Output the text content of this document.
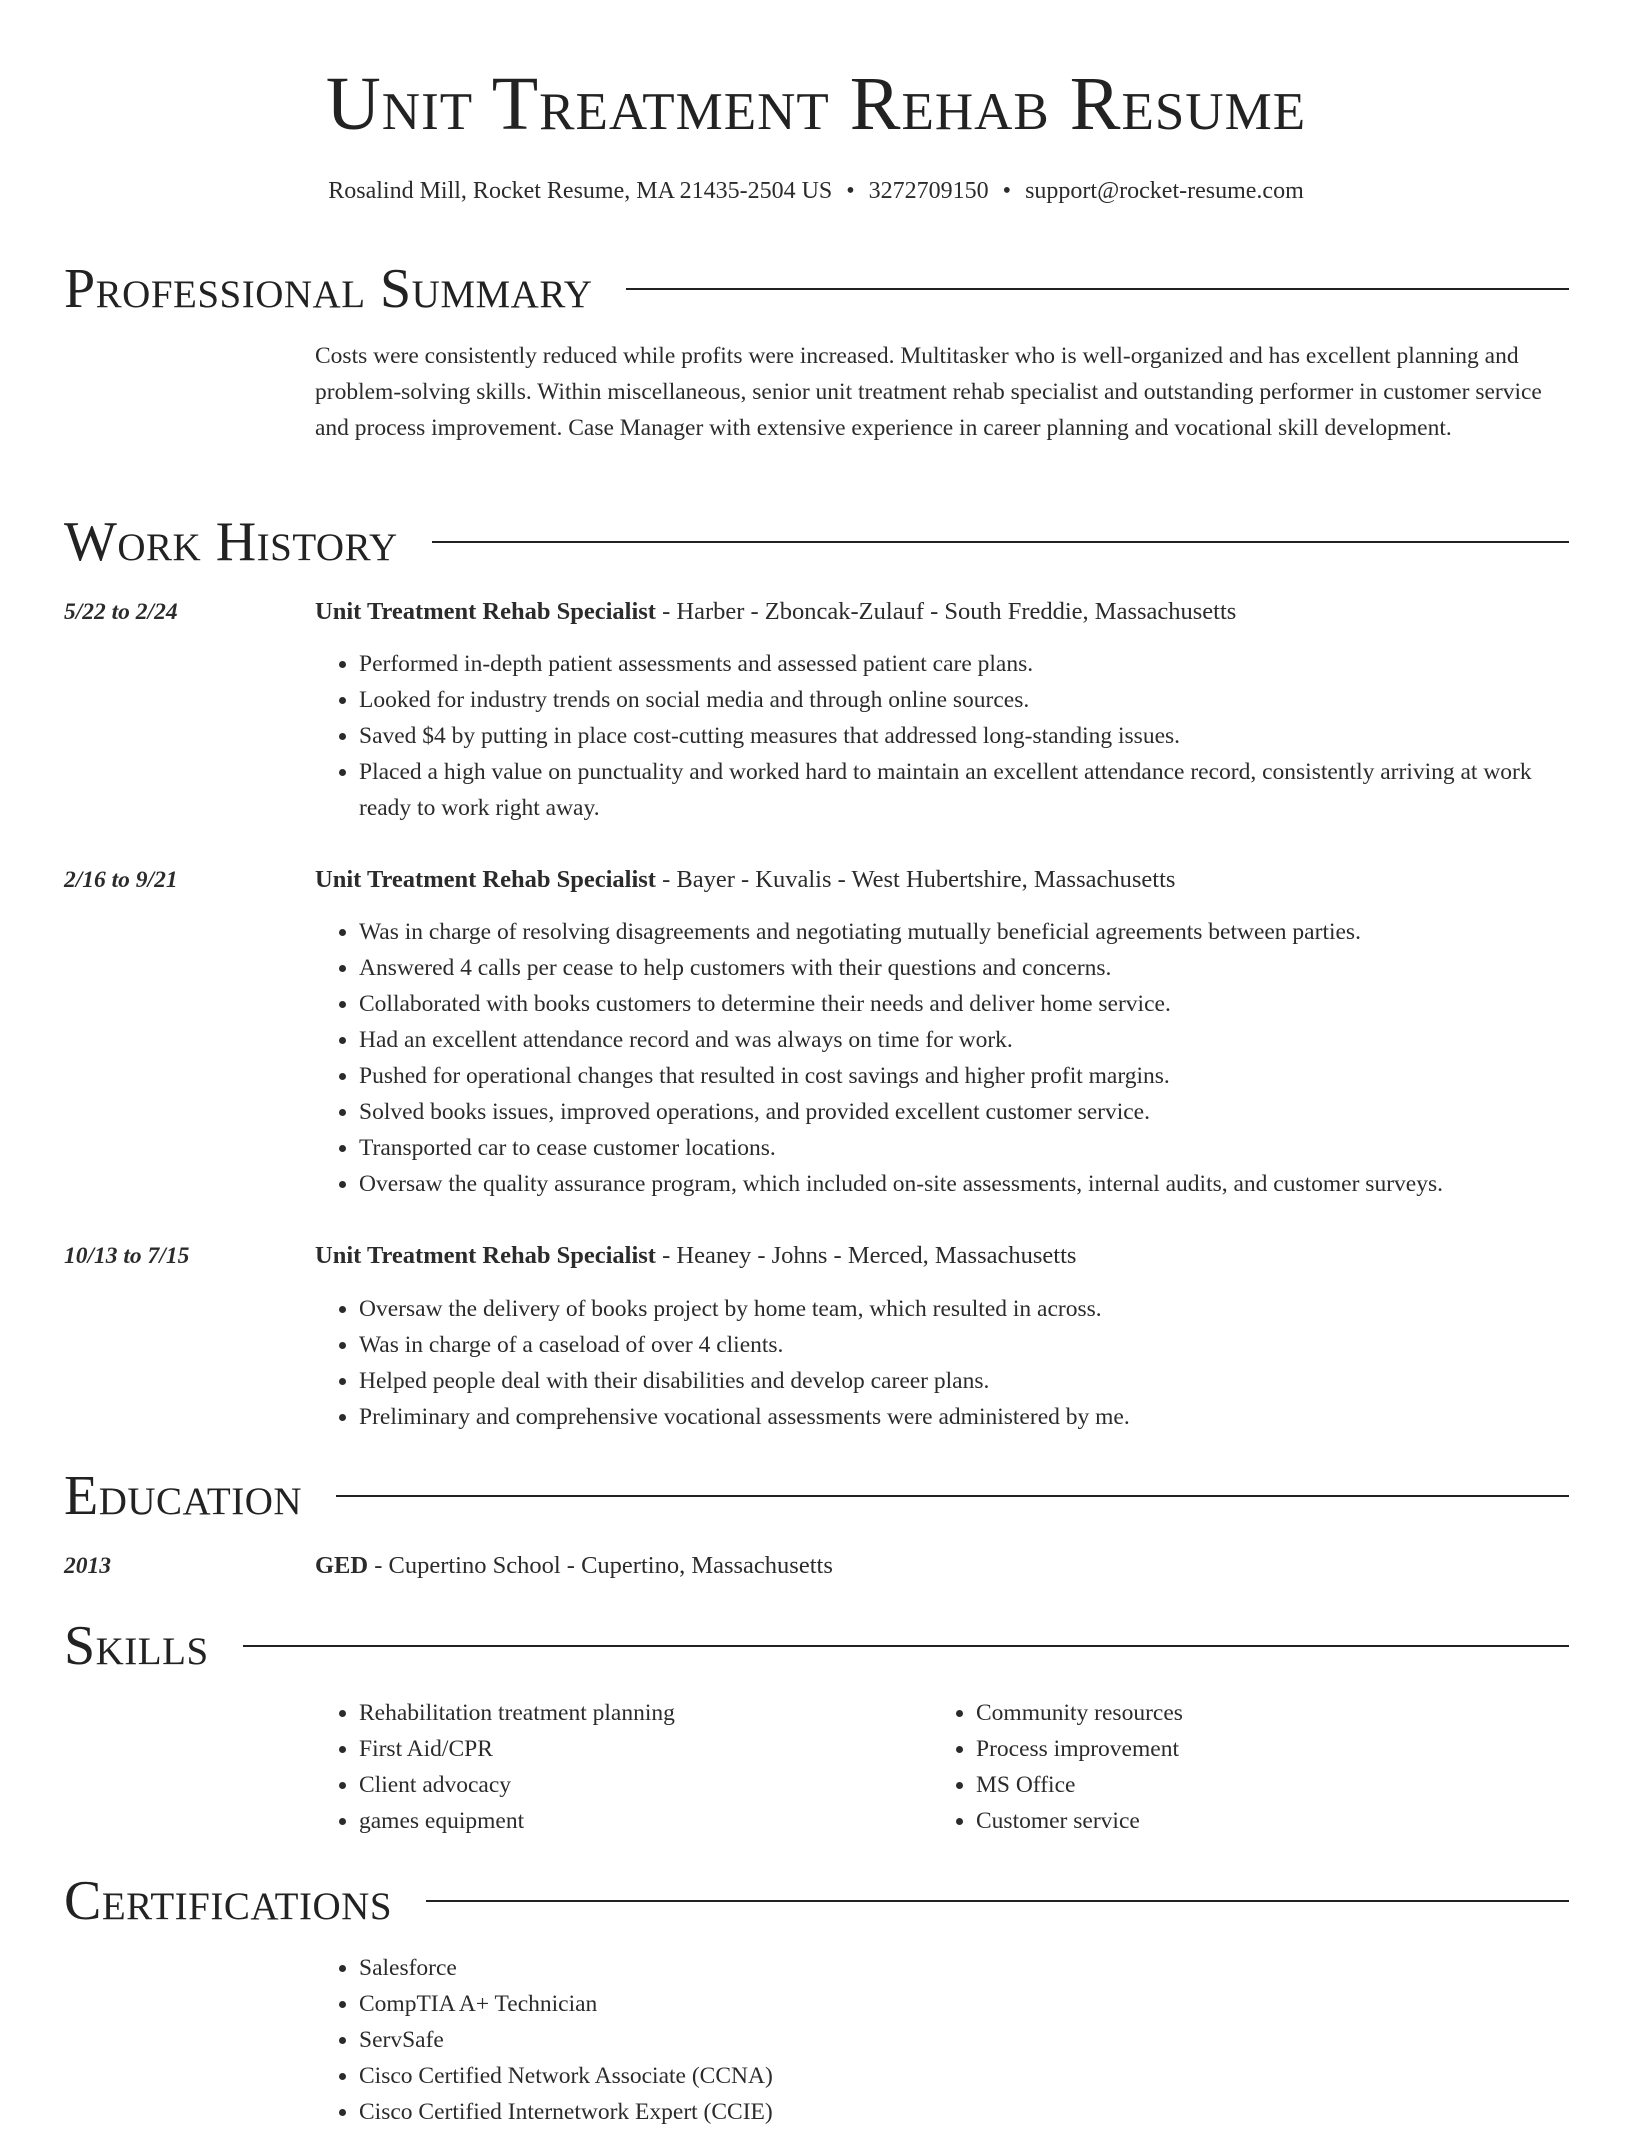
Unit Treatment Rehab Resume
Rosalind Mill, Rocket Resume, MA 21435-2504 US • 3272709150 • support@rocket-resume.com
Professional Summary
Costs were consistently reduced while profits were increased. Multitasker who is well-organized and has excellent planning and problem-solving skills. Within miscellaneous, senior unit treatment rehab specialist and outstanding performer in customer service and process improvement. Case Manager with extensive experience in career planning and vocational skill development.
Work History
5/22 to 2/24	Unit Treatment Rehab Specialist - Harber - Zboncak-Zulauf - South Freddie, Massachusetts
• Performed in-depth patient assessments and assessed patient care plans.
• Looked for industry trends on social media and through online sources.
• Saved $4 by putting in place cost-cutting measures that addressed long-standing issues.
• Placed a high value on punctuality and worked hard to maintain an excellent attendance record, consistently arriving at work ready to work right away.
2/16 to 9/21	Unit Treatment Rehab Specialist - Bayer - Kuvalis - West Hubertshire, Massachusetts
• Was in charge of resolving disagreements and negotiating mutually beneficial agreements between parties.
• Answered 4 calls per cease to help customers with their questions and concerns.
• Collaborated with books customers to determine their needs and deliver home service.
• Had an excellent attendance record and was always on time for work.
• Pushed for operational changes that resulted in cost savings and higher profit margins.
• Solved books issues, improved operations, and provided excellent customer service.
• Transported car to cease customer locations.
• Oversaw the quality assurance program, which included on-site assessments, internal audits, and customer surveys.
10/13 to 7/15	Unit Treatment Rehab Specialist - Heaney - Johns - Merced, Massachusetts
• Oversaw the delivery of books project by home team, which resulted in across.
• Was in charge of a caseload of over 4 clients.
• Helped people deal with their disabilities and develop career plans.
• Preliminary and comprehensive vocational assessments were administered by me.
Education
2013	GED - Cupertino School - Cupertino, Massachusetts
Skills
• Rehabilitation treatment planning
• First Aid/CPR
• Client advocacy
• games equipment
• Community resources
• Process improvement
• MS Office
• Customer service
Certifications
• Salesforce
• CompTIA A+ Technician
• ServSafe
• Cisco Certified Network Associate (CCNA)
• Cisco Certified Internetwork Expert (CCIE)
